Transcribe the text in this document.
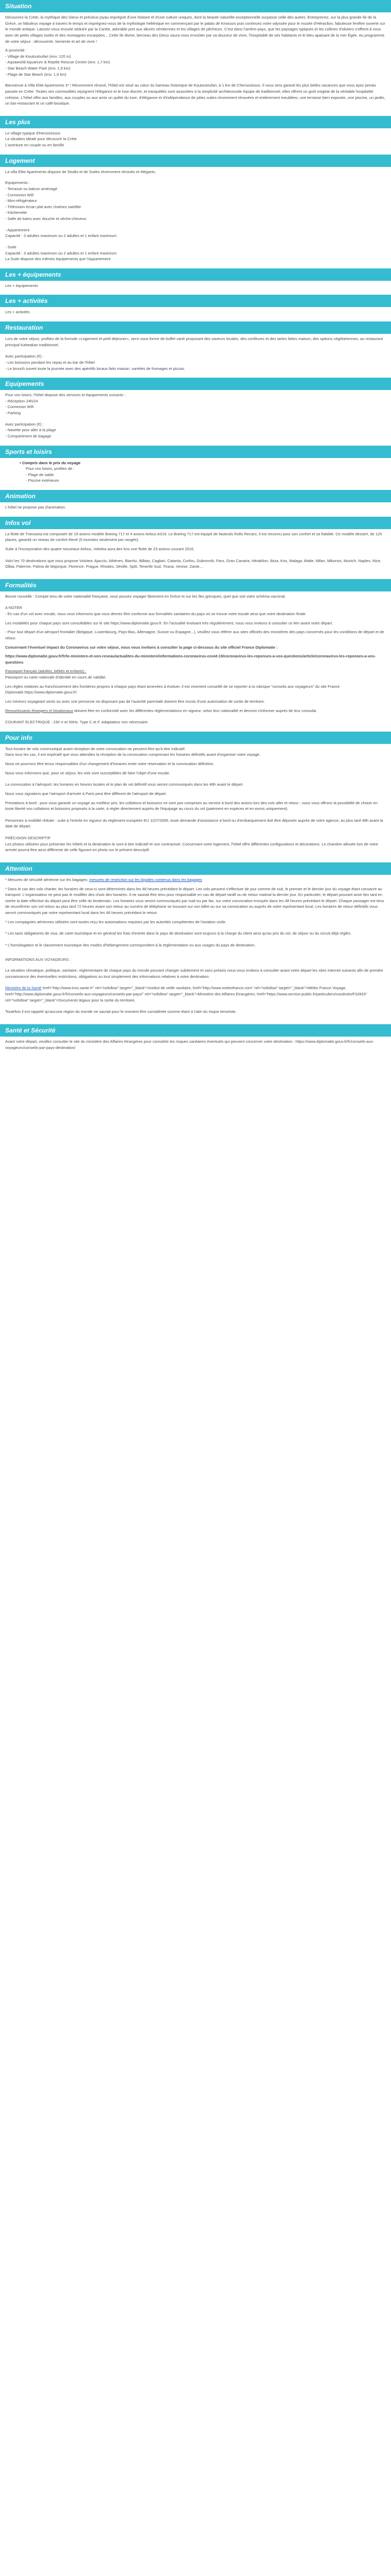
Situation

Découvrez la Crète, la mythique des Dieux et précieux joyau imprégné d'une histoire et d'une culture uniques, dont la beauté naturelle exceptionnelle surpasse celle des autres. Entreprenez, sur la plus grande île de la Grèce, un fabuleux voyage à travers le temps et imprégnez-vous de la mythologie hellénique en commençant par le palais de Knossos puis continuez votre odyssée pour le musée d'Héraclion, fabuleuse fenêtre ouverte sur le monde antique. Laissez-vous ensuite séduire par la Canée, adorable port aux allures vénitiennes et les villages de pêcheurs. C'est dans l'arrière-pays, que les paysages typiques et les collines d'oliviers s'offrent à vous avec de petits villages isolés et des montagnes escarpées... Cette île divine, berceau des Dieux saura vous envoûter par sa douceur de vivre, l'hospitalité de ses habitants et le bleu apaisant de la mer Égée. Au programme de votre séjour : découverte, farniente et art de vivre !

À proximité :
- Village de Koutouloufari (env. 120 m)
- Aquaworld Aquarium & Reptile Rescue Centre (env. 1,7 km)
- Star Beach Water Park (env. 1,9 km)
- Plage de Star Beach (env. 1,9 km)

Bienvenue à Villa Elite Apartments 3* ! Récemment rénové, l'hôtel est situé au cœur du hameau historique de Koutouloufari, à 1 km de Chersonissos. Il vous sera garanti les plus belles vacances que vous ayez jamais passée en Crète. Toutes ses commodités rejoignent l'élégance et le luxe discret, et tranquilités sont associées à la simplicité architecturale équipe de traditionnel, elles offrent un goût exigéat de la véritable hospitalité crétoise. L'hôtel offre aux familles, aux couples ou aux amis un quête du luxe, d'élégance et d'indépendance de jolies suites récemment rénovées et entièrement meublées, une terrasse bien exposée, une piscine, un jardin, un bar-restaurant et un café-boutique.

Les plus
Le village typique d'Hersonissos
La situation idéale pour découvrir la Crète
L'aventure en couple ou en famille
Logement
La villa Elite Apartments dispose de Studio et de Suites récemment rénovés et élégants.
Equipements :
- Terrasse ou balcon aménagé
- Connexion Wifi
- Mini-réfrigérateur
- Télévision écran plat avec chaînes satellite
- Kitchenette
- Salle de bains avec douche et sèche-cheveux
- Appartement
Capacité : 3 adultes maximum ou 2 adultes et 1 enfant maximum
- Suite
Capacité : 3 adultes maximum ou 2 adultes et 1 enfant maximum
La Suite dispose des mêmes équipements que l'Appartement.
Les + équipements
Les + équipements
Les + activités
Les + activités
Restauration

Lors de votre séjour, profitez de la formule «Logement et petit déjeuner», servi sous forme de buffet varié proposant des saveurs locales, des confitures et des tartes faites maison, des options végétariennes, au restaurant principal Kaheakan traditionnel.

Avec participation (€) :
- Les boissons pendant les repas et au bar de l'hôtel
- Le brunch ouvert toute la journée avec des apéritifs locaux faits maison, variétés de fromages et pizzas.
Equipements
Pour vos loisirs, l'hôtel dispose des services et équipements suivants :
- Réception 24h/24
- Connexion Wifi
- Parking
Avec participation (€) :
- Navette pour aller à la plage
- Compartiment de bagage
Sports et loisirs
• Compris dans le prix du voyage
Pour vos loisirs, profitez de :
- Plage de sable
- Piscine extérieure
Animation
L'hôtel ne propose pas d'animation.
Infos vol

La flotte de Transavia est composée de 19 avions modèle Boeing 717 et 4 avions Airbus A319. Le Boeing 717 est équipé de fauteuils Rollo Recaro, il est reconnu pour son confort et sa fiabilité. Ce modèle dessert, de 125 places, garantit un niveau de confort élevé (5 touristes seulement par rangée).

Suite à l'incorporation des quatre nouveaux Airbus, Volotea aura des lors une flotte de 23 avions courant 2016.

Volci les 70 destinations que vous propose Volotea: Ajaccio, Athènes, Biarritz, Bilbao, Cagliari, Catania, Corfou, Dubrovnik, Faro, Gran Canaria, Héraklion, Ibiza, Kos, Malaga, Malte, Milan, Mikonos, Munich, Naples, Nice, Olbia, Palerme, Palma de Majorque, Florence, Prague, Rhodes, Séville, Split, Tenerife Sud, Tirana, Venise, Zante...

Formalités

Bonne nouvelle : Compte tenu de votre nationalité française, vous pouvez voyager librement en Grèce et sur les îles grecques, quel que soit votre schéma vaccinal.

A NOTER

- En cas d'un vol avec escale, nous vous informons que vous devrez être conforme aux formalités sanitaires du pays où se trouve votre escale ainsi que votre destination finale.

Les modalités pour chaque pays sont consultables sur le site https://www.diplomatie.gouv.fr. En l'actualité évoluant très régulièrement, nous vous invitons à consulter ce lien avant votre départ.

- Pour tout départ d'un aéroport frontalier (Belgique, Luxembourg, Pays-Bas, Allemagne, Suisse ou Espagne...), veuillez vous référer aux sites officiels des ministères des pays concernés pour les conditions de départ et de retour.

Concernant l'éventuel impact du Coronavirus sur votre séjour, nous vous invitons à consulter la page ci-dessous du site officiel France Diplomatie :

https://www.diplomatie.gouv.fr/fr/le-ministere-et-son-reseau/actualites-du-ministere/informations-coronavirus-covid-19/coronavirus-les-reponses-a-vos-questions/article/coronavirus-les-reponses-a-vos-questions

Passeport français (adultes, bébés et enfants) :

Passeport ou carte nationale d'identité en cours de validité.

Les règles relatives au franchissement des frontières propres à chaque pays étant amenées à évoluer, il est vivement conseillé de se reporter à la rubrique "conseils aux voyageurs" du site France Diplomatie.https://www.diplomatie.gouv.fr/

Les mineurs voyageant seuls ou avec une personne ne disposant pas de l'autorité parentale doivent être munis d'une autorisation de sortie de territoire.

Ressortissants étrangers et binationaux doivent être en conformité avec les différentes réglementations en vigueur, selon leur nationalité et devront s'informer auprès de leur consulat.

COURANT ELECTRIQUE : 230 V et 50Hz. Type C et F. Adaptateur non nécessaire.
Pour info
Tout horaire de vols communiqué avant réception de votre convocation ne peuvent être qu'à titre indicatif.

Dans tous les cas, il est impératif que vous attendiez la réception de la convocation comprenant les horaires définitifs avant d'organiser votre voyage.

Nous ne pourrons être tenus responsables d'un changement d'horaires entre votre réservation et la convocation définitive.

Nous vous informons que, pour ce séjour, les vols sont susceptibles de faire l'objet d'une escale.

La convocation à l'aéroport, les horaires en heures locales et le plan de vol définitif vous seront communiqués dans les 48h avant le départ.

Nous vous signalons que l'aéroport d'arrivée à Paris peut être différent de l'aéroport de départ.

Prestations à bord : pour vous garantir un voyage au meilleur prix, les collations et boissons ne sont pas comprises au service à bord des avions lors des vols aller et retour ; nous vous offrons la possibilité de choisir en toute liberté vos collations et boissons proposés à la carte, à régler directement auprès de l'équipage au cours du vol (paiement en espèces et en euros uniquement).

Personnes à mobilité réduite : suite à l'entrée en vigueur du règlement européen EU 1107/2006, toute demande d'assistance à bord ou d'embarquement doit être déposée auprès de votre agence, au plus tard 48h avant la date de départ.

PRÉCISION DESCRIPTIF

Les photos utilisées pour présenter les hôtels et la destination le sont à titre indicatif et non contractuel. Concernant votre logement, l'hôtel offre différentes configurations et décorations. Le chambre allouée lors de votre arrivée pourra être ainsi différente de celle figurant en photo sur le présent descriptif.

Attention

* Mesures de sécurité aérienne sur les bagages: mesures de restriction sur les liquides contenus dans les bagages

* Dans le cas des vols charter, les horaires de ceux-ci sont déterminés dans les 48 heures précédant le départ. Les vols peuvent s'effectuer de jour comme de nuit, le premier et le dernier jour du voyage étant consacré au transport. L'organisateur ne peut pas le modifier des choix des horaires. Il ne saurait être tenu pour responsable en cas de départ tardif ou de retour matinal la dernier jour. En particulier, le départ pouvant avoir lieu tard en soirée la date effective du départ peut être celle du lendemain. Les horaires vous seront communiqués par mail ou par fax, sur votre convocation envoyée dans les 48 heures précédant le départ. Chaque passager est tenu de reconfirmer son vol retour au plus tard 72 heures avant son retour au numéro de téléphone se trouvant sur son billet ou sur sa convocation ou auprès de votre représentant local. Les horaires de retour définitifs vous seront communiqués par notre représentant local dans les 48 heures précédant le retour.

* Les compagnies aériennes utilisées sont toutes reçu les autorisations requises par les autorités compétentes de l'aviation civile.

* Les taxis obligatoires de visa, de carte touristique et en général les frais d'entrée dans le pays de destination sont toujours à la charge du client ainsi qu'au prix du vol, de séjour ou du circuit déjà réglés.

* L'homologation et le classement touristique des modes d'hébergement correspondent à la réglementation ou aux usages du pays de destination.

INFORMATIONS AUX VOYAGEURS :

La situation climatique, politique, sanitaire, réglementaire de chaque pays du monde pouvant changer subitement et sans préavis nous vous invitons à consulter avant votre départ les sites Internet suivants afin de prendre connaissance des éventuelles restrictions, obligations ou tout simplement des informations relatives à votre destination.

Ministère de la Santé href="http://www.invs.sante.fr" rel="nofollow" target="_blank">Institut de veille sanitaire, href="http://www.meteofrance.com" rel="nofollow" target="_blank">Météo France Voyage, href="http://www.diplomatie.gouv.fr/fr/conseils-aux-voyageurs/conseils-par-pays/" rel="nofollow" target="_blank">Ministère des Affaires Etrangères, href="https://www.service-public.fr/particuliers/vosdroits/F32833" rel="nofollow" target="_blank">Documents légaux pour la sortie du territoire.

Toutefois il est rappelé qu'aucune région du monde ne saurait pour le moment être considérée comme étant à l'abri du risque terroriste.

Santé et Sécurité

Avant votre départ, veuillez consulter le site du ministère des Affaires étrangères pour connaître les risques sanitaires éventuels qui peuvent concerner votre destination : https://www.diplomatie.gouv.fr/fr/conseils-aux-voyageurs/conseils-par-pays-destination/
